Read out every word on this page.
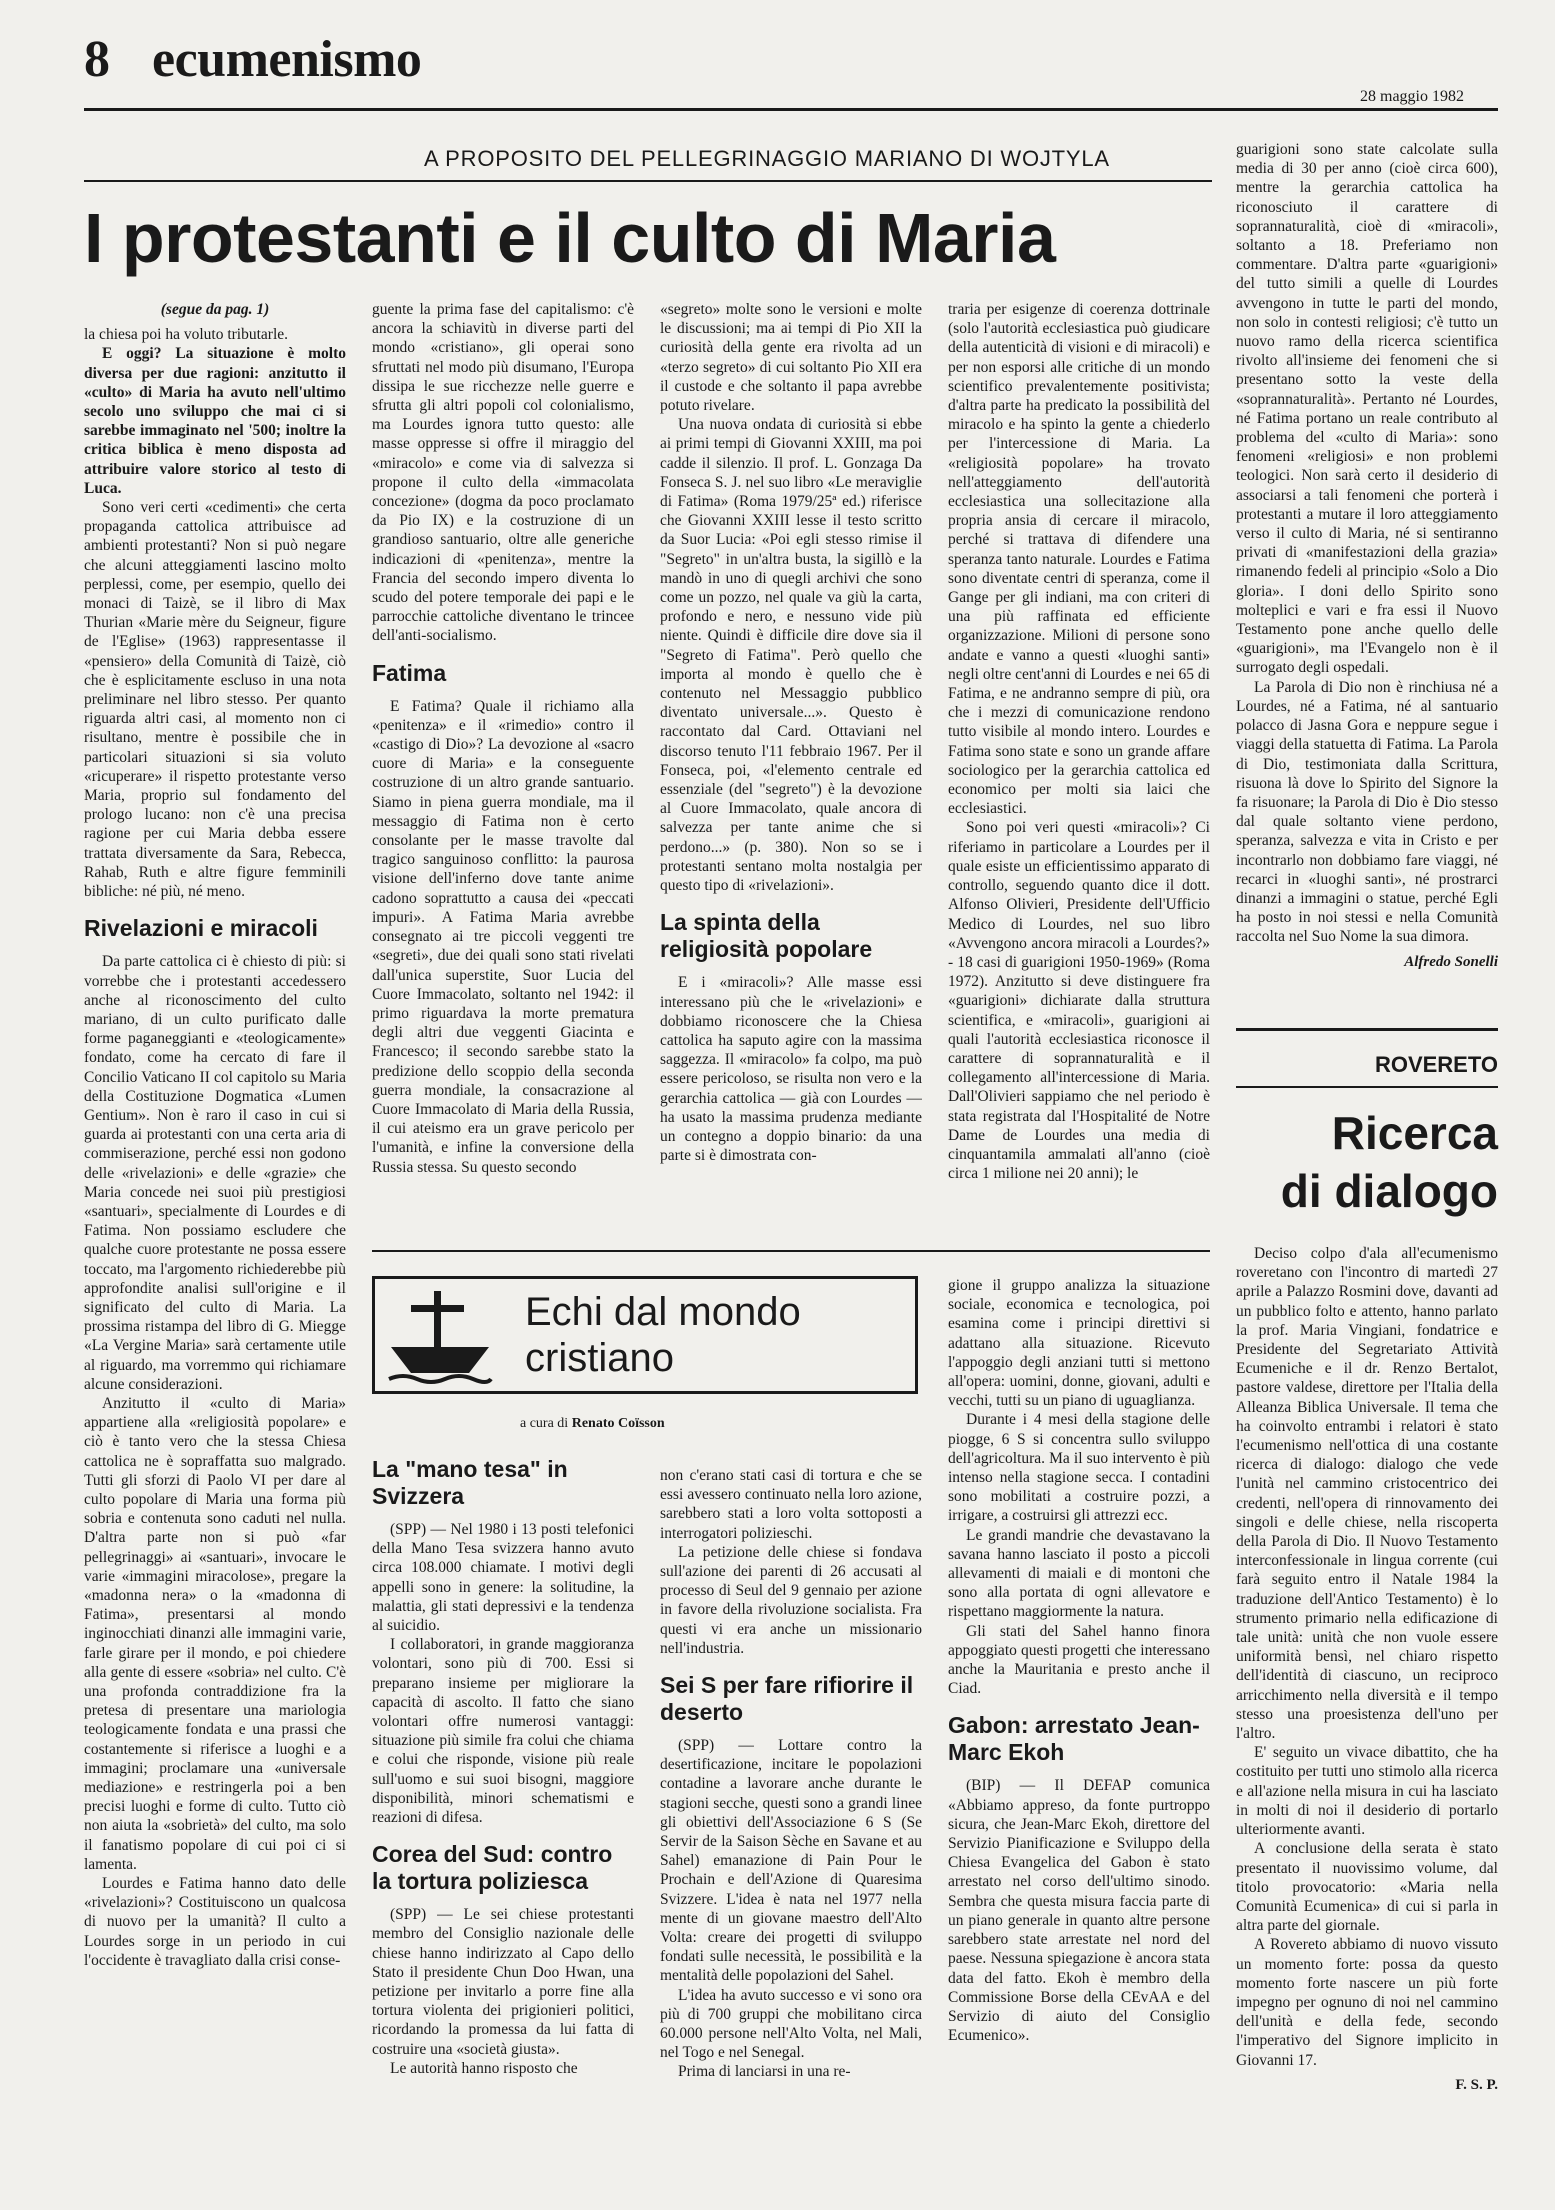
8 ecumenismo
28 maggio 1982
A PROPOSITO DEL PELLEGRINAGGIO MARIANO DI WOJTYLA
I protestanti e il culto di Maria
(segue da pag. 1)

la chiesa poi ha voluto tributarle.

E oggi? La situazione è molto diversa per due ragioni: anzitutto il «culto» di Maria ha avuto nell'ultimo secolo uno sviluppo che mai ci si sarebbe immaginato nel '500; inoltre la critica biblica è meno disposta ad attribuire valore storico al testo di Luca.

Sono veri certi «cedimenti» che certa propaganda cattolica attribuisce ad ambienti protestanti? Non si può negare che alcuni atteggiamenti lascino molto perplessi, come, per esempio, quello dei monaci di Taizè, se il libro di Max Thurian «Marie mère du Seigneur, figure de l'Eglise» (1963) rappresentasse il «pensiero» della Comunità di Taizè, ciò che è esplicitamente escluso in una nota preliminare nel libro stesso. Per quanto riguarda altri casi, al momento non ci risultano, mentre è possibile che in particolari situazioni si sia voluto «ricuperare» il rispetto protestante verso Maria, proprio sul fondamento del prologo lucano: non c'è una precisa ragione per cui Maria debba essere trattata diversamente da Sara, Rebecca, Rahab, Ruth e altre figure femminili bibliche: né più, né meno.

Rivelazioni e miracoli

Da parte cattolica ci è chiesto di più: si vorrebbe che i protestanti accedessero anche al riconoscimento del culto mariano, di un culto purificato dalle forme paganeggianti e «teologicamente» fondato, come ha cercato di fare il Concilio Vaticano II col capitolo su Maria della Costituzione Dogmatica «Lumen Gentium». Non è raro il caso in cui si guarda ai protestanti con una certa aria di commiserazione, perché essi non godono delle «rivelazioni» e delle «grazie» che Maria concede nei suoi più prestigiosi «santuari», specialmente di Lourdes e di Fatima. Non possiamo escludere che qualche cuore protestante ne possa essere toccato, ma l'argomento richiederebbe più approfondite analisi sull'origine e il significato del culto di Maria. La prossima ristampa del libro di G. Miegge «La Vergine Maria» sarà certamente utile al riguardo, ma vorremmo qui richiamare alcune considerazioni.

Anzitutto il «culto di Maria» appartiene alla «religiosità popolare» e ciò è tanto vero che la stessa Chiesa cattolica ne è sopraffatta suo malgrado. Tutti gli sforzi di Paolo VI per dare al culto popolare di Maria una forma più sobria e contenuta sono caduti nel nulla. D'altra parte non si può «far pellegrinaggi» ai «santuari», invocare le varie «immagini miracolose», pregare la «madonna nera» o la «madonna di Fatima», presentarsi al mondo inginocchiati dinanzi alle immagini varie, farle girare per il mondo, e poi chiedere alla gente di essere «sobria» nel culto. C'è una profonda contraddizione fra la pretesa di presentare una mariologia teologicamente fondata e una prassi che costantemente si riferisce a luoghi e a immagini; proclamare una «universale mediazione» e restringerla poi a ben precisi luoghi e forme di culto. Tutto ciò non aiuta la «sobrietà» del culto, ma solo il fanatismo popolare di cui poi ci si lamenta.

Lourdes e Fatima hanno dato delle «rivelazioni»? Costituiscono un qualcosa di nuovo per la umanità? Il culto a Lourdes sorge in un periodo in cui l'occidente è travagliato dalla crisi conse-

guente la prima fase del capitalismo: c'è ancora la schiavitù in diverse parti del mondo «cristiano», gli operai sono sfruttati nel modo più disumano, l'Europa dissipa le sue ricchezze nelle guerre e sfrutta gli altri popoli col colonialismo, ma Lourdes ignora tutto questo: alle masse oppresse si offre il miraggio del «miracolo» e come via di salvezza si propone il culto della «immacolata concezione» (dogma da poco proclamato da Pio IX) e la costruzione di un grandioso santuario, oltre alle generiche indicazioni di «penitenza», mentre la Francia del secondo impero diventa lo scudo del potere temporale dei papi e le parrocchie cattoliche diventano le trincee dell'anti-socialismo.

Fatima

E Fatima? Quale il richiamo alla «penitenza» e il «rimedio» contro il «castigo di Dio»? La devozione al «sacro cuore di Maria» e la conseguente costruzione di un altro grande santuario. Siamo in piena guerra mondiale, ma il messaggio di Fatima non è certo consolante per le masse travolte dal tragico sanguinoso conflitto: la paurosa visione dell'inferno dove tante anime cadono soprattutto a causa dei «peccati impuri». A Fatima Maria avrebbe consegnato ai tre piccoli veggenti tre «segreti», due dei quali sono stati rivelati dall'unica superstite, Suor Lucia del Cuore Immacolato, soltanto nel 1942: il primo riguardava la morte prematura degli altri due veggenti Giacinta e Francesco; il secondo sarebbe stato la predizione dello scoppio della seconda guerra mondiale, la consacrazione al Cuore Immacolato di Maria della Russia, il cui ateismo era un grave pericolo per l'umanità, e infine la conversione della Russia stessa. Su questo secondo

«segreto» molte sono le versioni e molte le discussioni; ma ai tempi di Pio XII la curiosità della gente era rivolta ad un «terzo segreto» di cui soltanto Pio XII era il custode e che soltanto il papa avrebbe potuto rivelare.

Una nuova ondata di curiosità si ebbe ai primi tempi di Giovanni XXIII, ma poi cadde il silenzio. Il prof. L. Gonzaga Da Fonseca S. J. nel suo libro «Le meraviglie di Fatima» (Roma 1979/25ª ed.) riferisce che Giovanni XXIII lesse il testo scritto da Suor Lucia: «Poi egli stesso rimise il "Segreto" in un'altra busta, la sigillò e la mandò in uno di quegli archivi che sono come un pozzo, nel quale va giù la carta, profondo e nero, e nessuno vide più niente. Quindi è difficile dire dove sia il "Segreto di Fatima". Però quello che importa al mondo è quello che è contenuto nel Messaggio pubblico diventato universale...». Questo è raccontato dal Card. Ottaviani nel discorso tenuto l'11 febbraio 1967. Per il Fonseca, poi, «l'elemento centrale ed essenziale (del "segreto") è la devozione al Cuore Immacolato, quale ancora di salvezza per tante anime che si perdono...» (p. 380). Non so se i protestanti sentano molta nostalgia per questo tipo di «rivelazioni».

La spinta della religiosità popolare

E i «miracoli»? Alle masse essi interessano più che le «rivelazioni» e dobbiamo riconoscere che la Chiesa cattolica ha saputo agire con la massima saggezza. Il «miracolo» fa colpo, ma può essere pericoloso, se risulta non vero e la gerarchia cattolica — già con Lourdes — ha usato la massima prudenza mediante un contegno a doppio binario: da una parte si è dimostrata con-

traria per esigenze di coerenza dottrinale (solo l'autorità ecclesiastica può giudicare della autenticità di visioni e di miracoli) e per non esporsi alle critiche di un mondo scientifico prevalentemente positivista; d'altra parte ha predicato la possibilità del miracolo e ha spinto la gente a chiederlo per l'intercessione di Maria. La «religiosità popolare» ha trovato nell'atteggiamento dell'autorità ecclesiastica una sollecitazione alla propria ansia di cercare il miracolo, perché si trattava di difendere una speranza tanto naturale. Lourdes e Fatima sono diventate centri di speranza, come il Gange per gli indiani, ma con criteri di una più raffinata ed efficiente organizzazione. Milioni di persone sono andate e vanno a questi «luoghi santi» negli oltre cent'anni di Lourdes e nei 65 di Fatima, e ne andranno sempre di più, ora che i mezzi di comunicazione rendono tutto visibile al mondo intero. Lourdes e Fatima sono state e sono un grande affare sociologico per la gerarchia cattolica ed economico per molti sia laici che ecclesiastici.

Sono poi veri questi «miracoli»? Ci riferiamo in particolare a Lourdes per il quale esiste un efficientissimo apparato di controllo, seguendo quanto dice il dott. Alfonso Olivieri, Presidente dell'Ufficio Medico di Lourdes, nel suo libro «Avvengono ancora miracoli a Lourdes?» - 18 casi di guarigioni 1950-1969» (Roma 1972). Anzitutto si deve distinguere fra «guarigioni» dichiarate dalla struttura scientifica, e «miracoli», guarigioni ai quali l'autorità ecclesiastica riconosce il carattere di soprannaturalità e il collegamento all'intercessione di Maria. Dall'Olivieri sappiamo che nel periodo è stata registrata dal l'Hospitalité de Notre Dame de Lourdes una media di cinquantamila ammalati all'anno (cioè circa 1 milione nei 20 anni); le

guarigioni sono state calcolate sulla media di 30 per anno (cioè circa 600), mentre la gerarchia cattolica ha riconosciuto il carattere di soprannaturalità, cioè di «miracoli», soltanto a 18. Preferiamo non commentare. D'altra parte «guarigioni» del tutto simili a quelle di Lourdes avvengono in tutte le parti del mondo, non solo in contesti religiosi; c'è tutto un nuovo ramo della ricerca scientifica rivolto all'insieme dei fenomeni che si presentano sotto la veste della «soprannaturalità». Pertanto né Lourdes, né Fatima portano un reale contributo al problema del «culto di Maria»: sono fenomeni «religiosi» e non problemi teologici. Non sarà certo il desiderio di associarsi a tali fenomeni che porterà i protestanti a mutare il loro atteggiamento verso il culto di Maria, né si sentiranno privati di «manifestazioni della grazia» rimanendo fedeli al principio «Solo a Dio gloria». I doni dello Spirito sono molteplici e vari e fra essi il Nuovo Testamento pone anche quello delle «guarigioni», ma l'Evangelo non è il surrogato degli ospedali.

La Parola di Dio non è rinchiusa né a Lourdes, né a Fatima, né al santuario polacco di Jasna Gora e neppure segue i viaggi della statuetta di Fatima. La Parola di Dio, testimoniata dalla Scrittura, risuona là dove lo Spirito del Signore la fa risuonare; la Parola di Dio è Dio stesso dal quale soltanto viene perdono, speranza, salvezza e vita in Cristo e per incontrarlo non dobbiamo fare viaggi, né recarci in «luoghi santi», né prostrarci dinanzi a immagini o statue, perché Egli ha posto in noi stessi e nella Comunità raccolta nel Suo Nome la sua dimora.

Alfredo Sonelli
ROVERETO
Ricerca
di dialogo

Deciso colpo d'ala all'ecumenismo roveretano con l'incontro di martedì 27 aprile a Palazzo Rosmini dove, davanti ad un pubblico folto e attento, hanno parlato la prof. Maria Vingiani, fondatrice e Presidente del Segretariato Attività Ecumeniche e il dr. Renzo Bertalot, pastore valdese, direttore per l'Italia della Alleanza Biblica Universale. Il tema che ha coinvolto entrambi i relatori è stato l'ecumenismo nell'ottica di una costante ricerca di dialogo: dialogo che vede l'unità nel cammino cristocentrico dei credenti, nell'opera di rinnovamento dei singoli e delle chiese, nella riscoperta della Parola di Dio. Il Nuovo Testamento interconfessionale in lingua corrente (cui farà seguito entro il Natale 1984 la traduzione dell'Antico Testamento) è lo strumento primario nella edificazione di tale unità: unità che non vuole essere uniformità bensì, nel chiaro rispetto dell'identità di ciascuno, un reciproco arricchimento nella diversità e il tempo stesso una proesistenza dell'uno per l'altro.

E' seguito un vivace dibattito, che ha costituito per tutti uno stimolo alla ricerca e all'azione nella misura in cui ha lasciato in molti di noi il desiderio di portarlo ulteriormente avanti.

A conclusione della serata è stato presentato il nuovissimo volume, dal titolo provocatorio: «Maria nella Comunità Ecumenica» di cui si parla in altra parte del giornale.

A Rovereto abbiamo di nuovo vissuto un momento forte: possa da questo momento forte nascere un più forte impegno per ognuno di noi nel cammino dell'unità e della fede, secondo l'imperativo del Signore implicito in Giovanni 17.

F. S. P.
Echi dal mondo
cristiano
a cura di Renato Coïsson
La "mano tesa" in Svizzera

(SPP) — Nel 1980 i 13 posti telefonici della Mano Tesa svizzera hanno avuto circa 108.000 chiamate. I motivi degli appelli sono in genere: la solitudine, la malattia, gli stati depressivi e la tendenza al suicidio.

I collaboratori, in grande maggioranza volontari, sono più di 700. Essi si preparano insieme per migliorare la capacità di ascolto. Il fatto che siano volontari offre numerosi vantaggi: situazione più simile fra colui che chiama e colui che risponde, visione più reale sull'uomo e sui suoi bisogni, maggiore disponibilità, minori schematismi e reazioni di difesa.

Corea del Sud: contro la tortura poliziesca

(SPP) — Le sei chiese protestanti membro del Consiglio nazionale delle chiese hanno indirizzato al Capo dello Stato il presidente Chun Doo Hwan, una petizione per invitarlo a porre fine alla tortura violenta dei prigionieri politici, ricordando la promessa da lui fatta di costruire una «società giusta».

Le autorità hanno risposto che

non c'erano stati casi di tortura e che se essi avessero continuato nella loro azione, sarebbero stati a loro volta sottoposti a interrogatori polizieschi.

La petizione delle chiese si fondava sull'azione dei parenti di 26 accusati al processo di Seul del 9 gennaio per azione in favore della rivoluzione socialista. Fra questi vi era anche un missionario nell'industria.

Sei S per fare rifiorire il deserto

(SPP) — Lottare contro la desertificazione, incitare le popolazioni contadine a lavorare anche durante le stagioni secche, questi sono a grandi linee gli obiettivi dell'Associazione 6 S (Se Servir de la Saison Sèche en Savane et au Sahel) emanazione di Pain Pour le Prochain e dell'Azione di Quaresima Svizzere. L'idea è nata nel 1977 nella mente di un giovane maestro dell'Alto Volta: creare dei progetti di sviluppo fondati sulle necessità, le possibilità e la mentalità delle popolazioni del Sahel.

L'idea ha avuto successo e vi sono ora più di 700 gruppi che mobilitano circa 60.000 persone nell'Alto Volta, nel Mali, nel Togo e nel Senegal.

Prima di lanciarsi in una re-

gione il gruppo analizza la situazione sociale, economica e tecnologica, poi esamina come i principi direttivi si adattano alla situazione. Ricevuto l'appoggio degli anziani tutti si mettono all'opera: uomini, donne, giovani, adulti e vecchi, tutti su un piano di uguaglianza.

Durante i 4 mesi della stagione delle piogge, 6 S si concentra sullo sviluppo dell'agricoltura. Ma il suo intervento è più intenso nella stagione secca. I contadini sono mobilitati a costruire pozzi, a irrigare, a costruirsi gli attrezzi ecc.

Le grandi mandrie che devastavano la savana hanno lasciato il posto a piccoli allevamenti di maiali e di montoni che sono alla portata di ogni allevatore e rispettano maggiormente la natura.

Gli stati del Sahel hanno finora appoggiato questi progetti che interessano anche la Mauritania e presto anche il Ciad.

Gabon: arrestato Jean-Marc Ekoh

(BIP) — Il DEFAP comunica «Abbiamo appreso, da fonte purtroppo sicura, che Jean-Marc Ekoh, direttore del Servizio Pianificazione e Sviluppo della Chiesa Evangelica del Gabon è stato arrestato nel corso dell'ultimo sinodo. Sembra che questa misura faccia parte di un piano generale in quanto altre persone sarebbero state arrestate nel nord del paese. Nessuna spiegazione è ancora stata data del fatto. Ekoh è membro della Commissione Borse della CEvAA e del Servizio di aiuto del Consiglio Ecumenico».
